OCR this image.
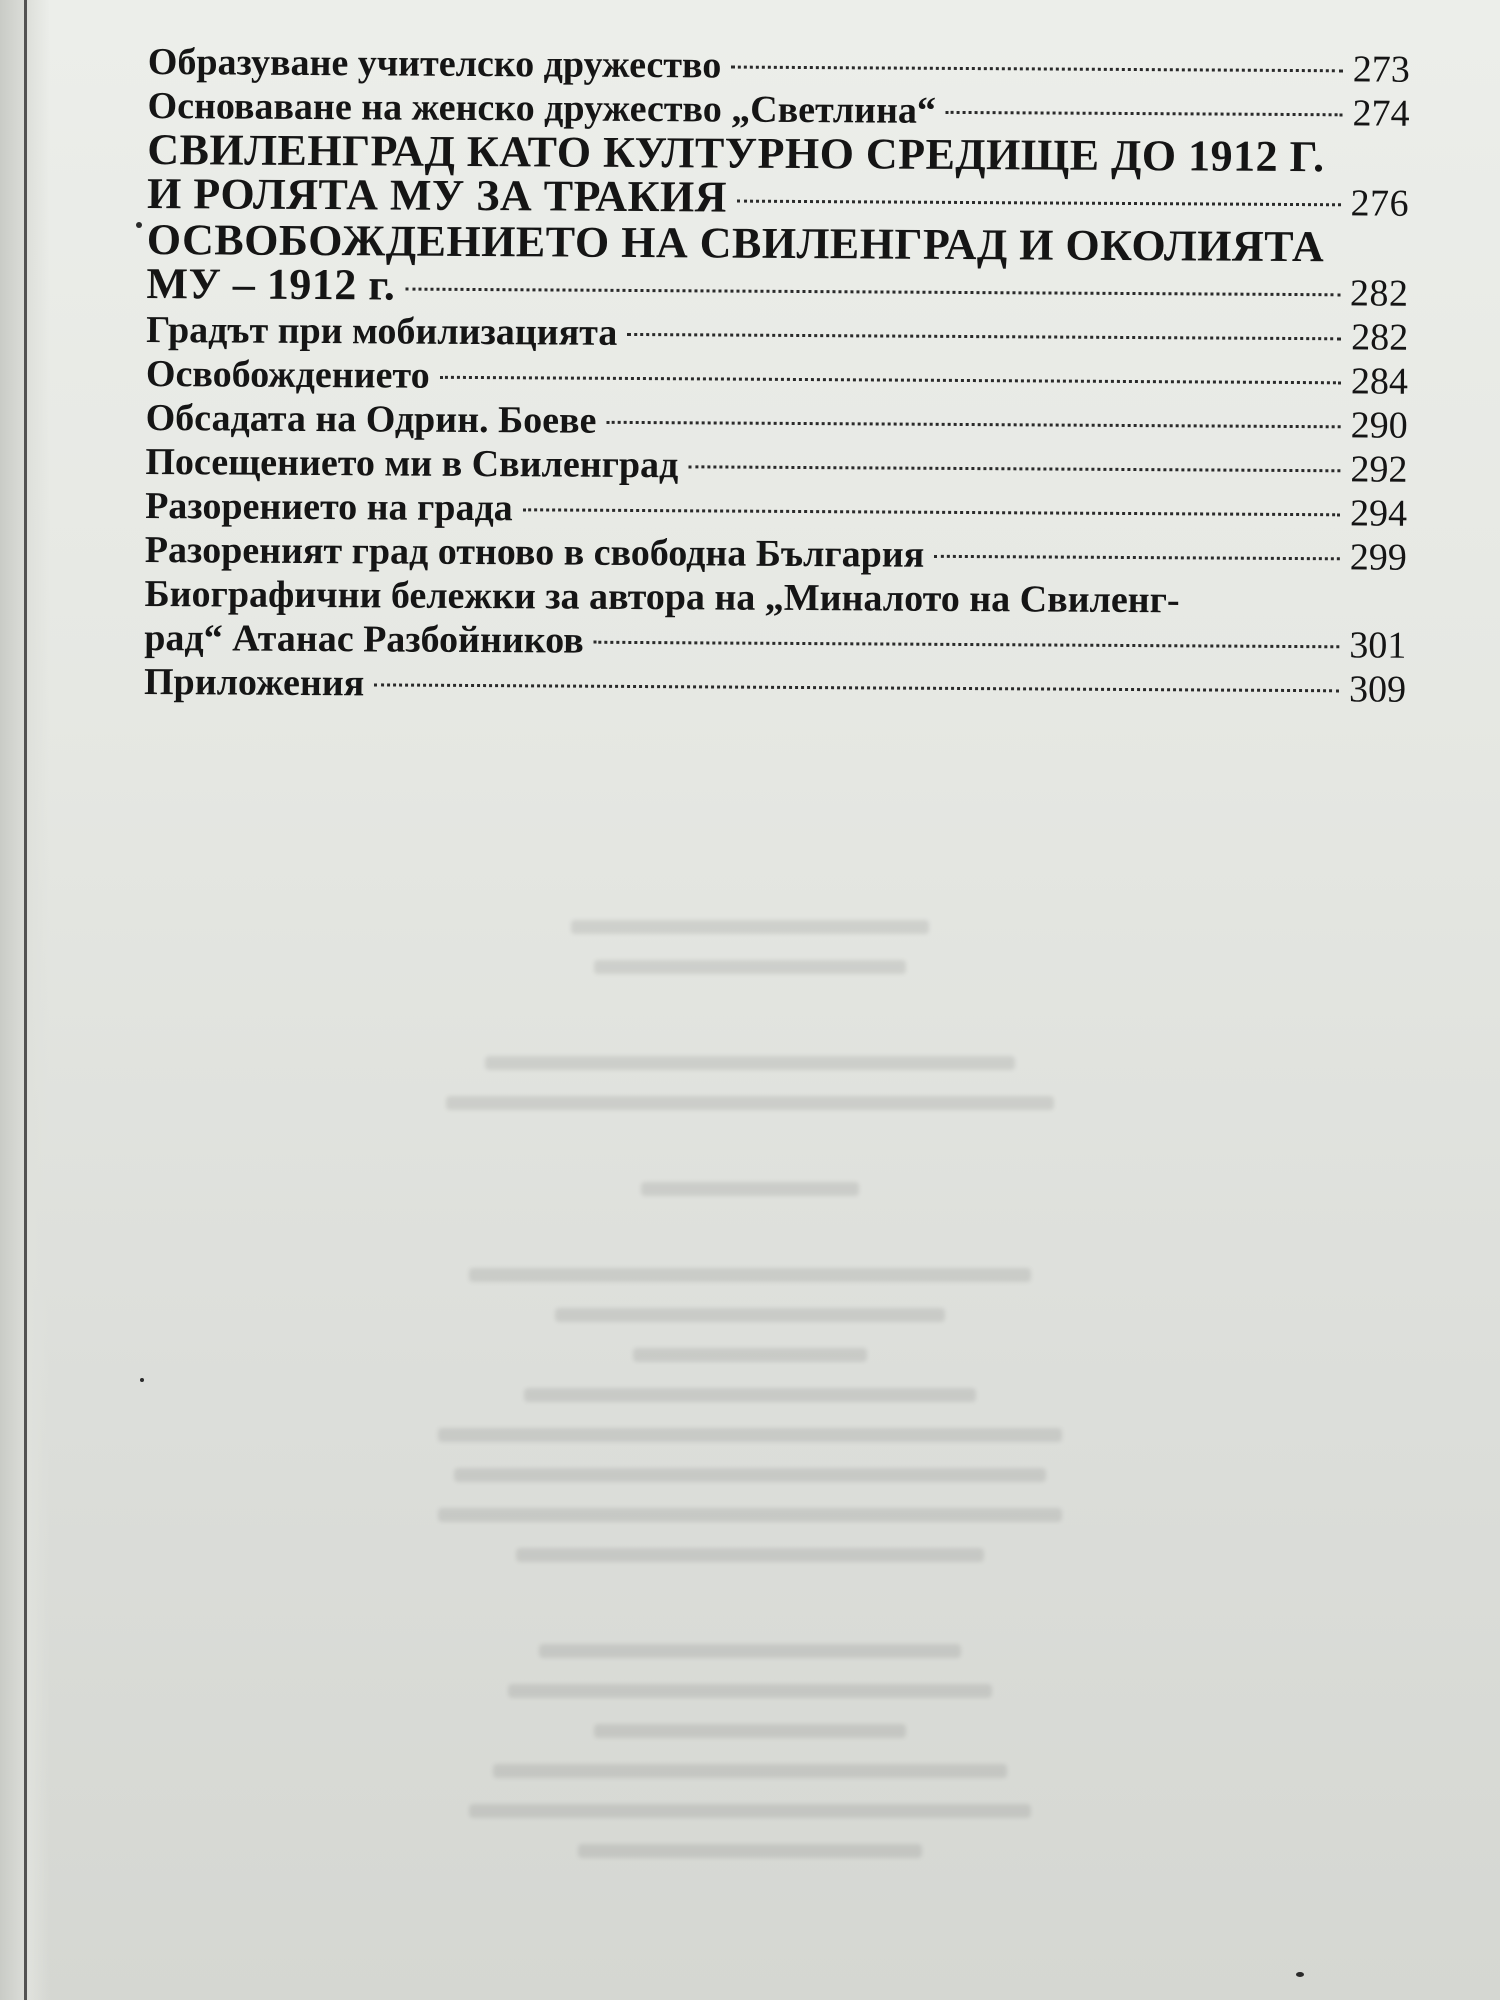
Образуване учителско дружество	273
Основаване на женско дружество „Светлина“	274
СВИЛЕНГРАД КАТО КУЛТУРНО СРЕДИЩЕ ДО 1912 Г.
И РОЛЯТА МУ ЗА ТРАКИЯ	276
ОСВОБОЖДЕНИЕТО НА СВИЛЕНГРАД И ОКОЛИЯТА
МУ – 1912 г.	282
Градът при мобилизацията	282
Освобождението	284
Обсадата на Одрин. Боеве	290
Посещението ми в Свиленград	292
Разорението на града	294
Разореният град отново в свободна България	299
Биографични бележки за автора на „Миналото на Свиленг-
рад“ Атанас Разбойников	301
Приложения	309
